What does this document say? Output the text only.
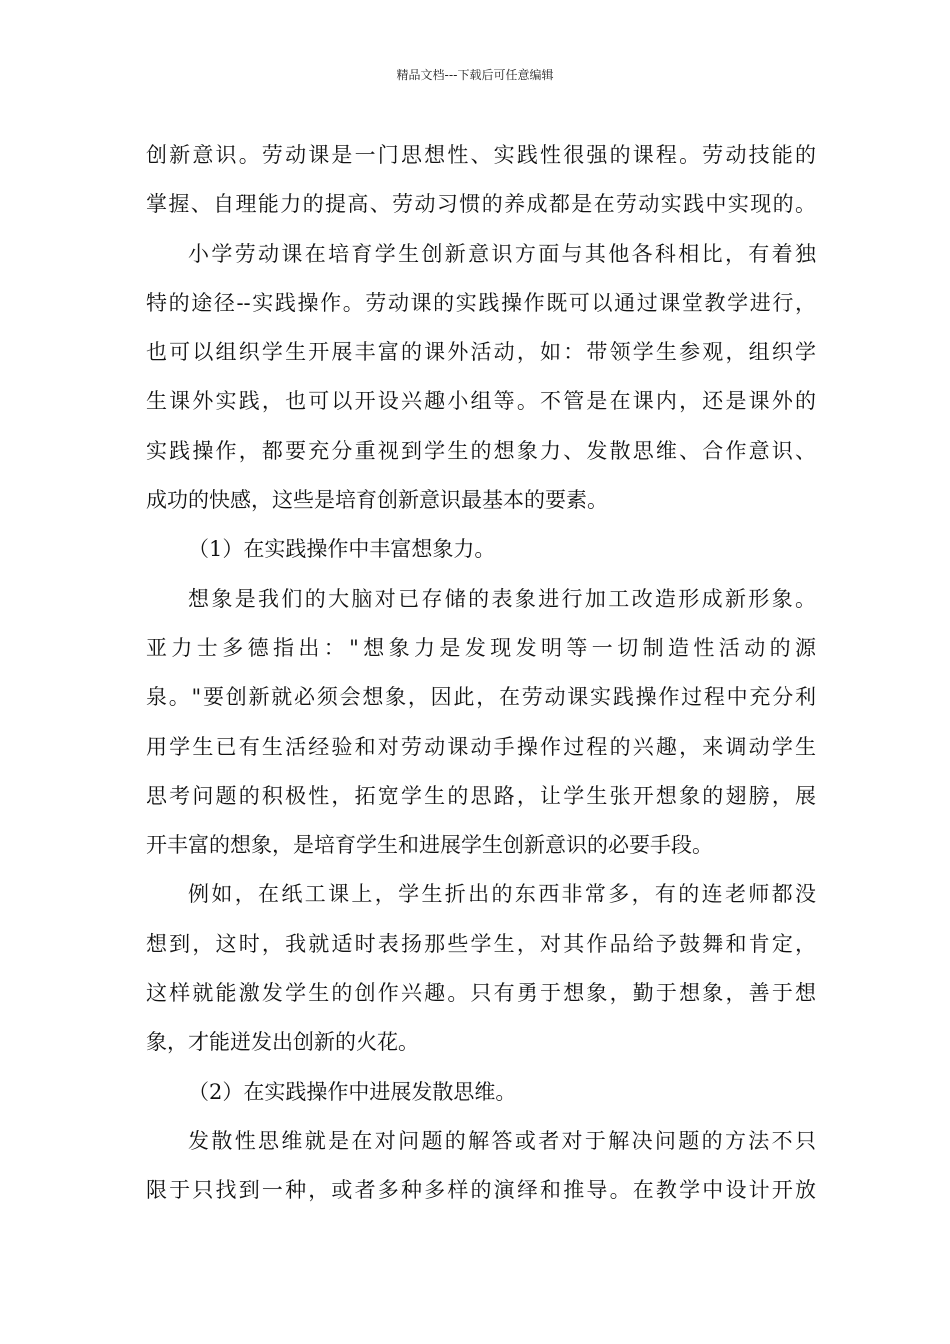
精品文档---下载后可任意编辑
创新意识。劳动课是一门思想性、实践性很强的课程。劳动技能的
掌握、自理能力的提高、劳动习惯的养成都是在劳动实践中实现的。
小学劳动课在培育学生创新意识方面与其他各科相比，有着独
特的途径--实践操作。劳动课的实践操作既可以通过课堂教学进行，
也可以组织学生开展丰富的课外活动，如：带领学生参观，组织学
生课外实践，也可以开设兴趣小组等。不管是在课内，还是课外的
实践操作，都要充分重视到学生的想象力、发散思维、合作意识、
成功的快感，这些是培育创新意识最基本的要素。
（1）在实践操作中丰富想象力。
想象是我们的大脑对已存储的表象进行加工改造形成新形象。
亚力士多德指出："想象力是发现发明等一切制造性活动的源
泉。"要创新就必须会想象，因此，在劳动课实践操作过程中充分利
用学生已有生活经验和对劳动课动手操作过程的兴趣，来调动学生
思考问题的积极性，拓宽学生的思路，让学生张开想象的翅膀，展
开丰富的想象，是培育学生和进展学生创新意识的必要手段。
例如，在纸工课上，学生折出的东西非常多，有的连老师都没
想到，这时，我就适时表扬那些学生，对其作品给予鼓舞和肯定，
这样就能激发学生的创作兴趣。只有勇于想象，勤于想象，善于想
象，才能迸发出创新的火花。
（2）在实践操作中进展发散思维。
发散性思维就是在对问题的解答或者对于解决问题的方法不只
限于只找到一种，或者多种多样的演绎和推导。在教学中设计开放
